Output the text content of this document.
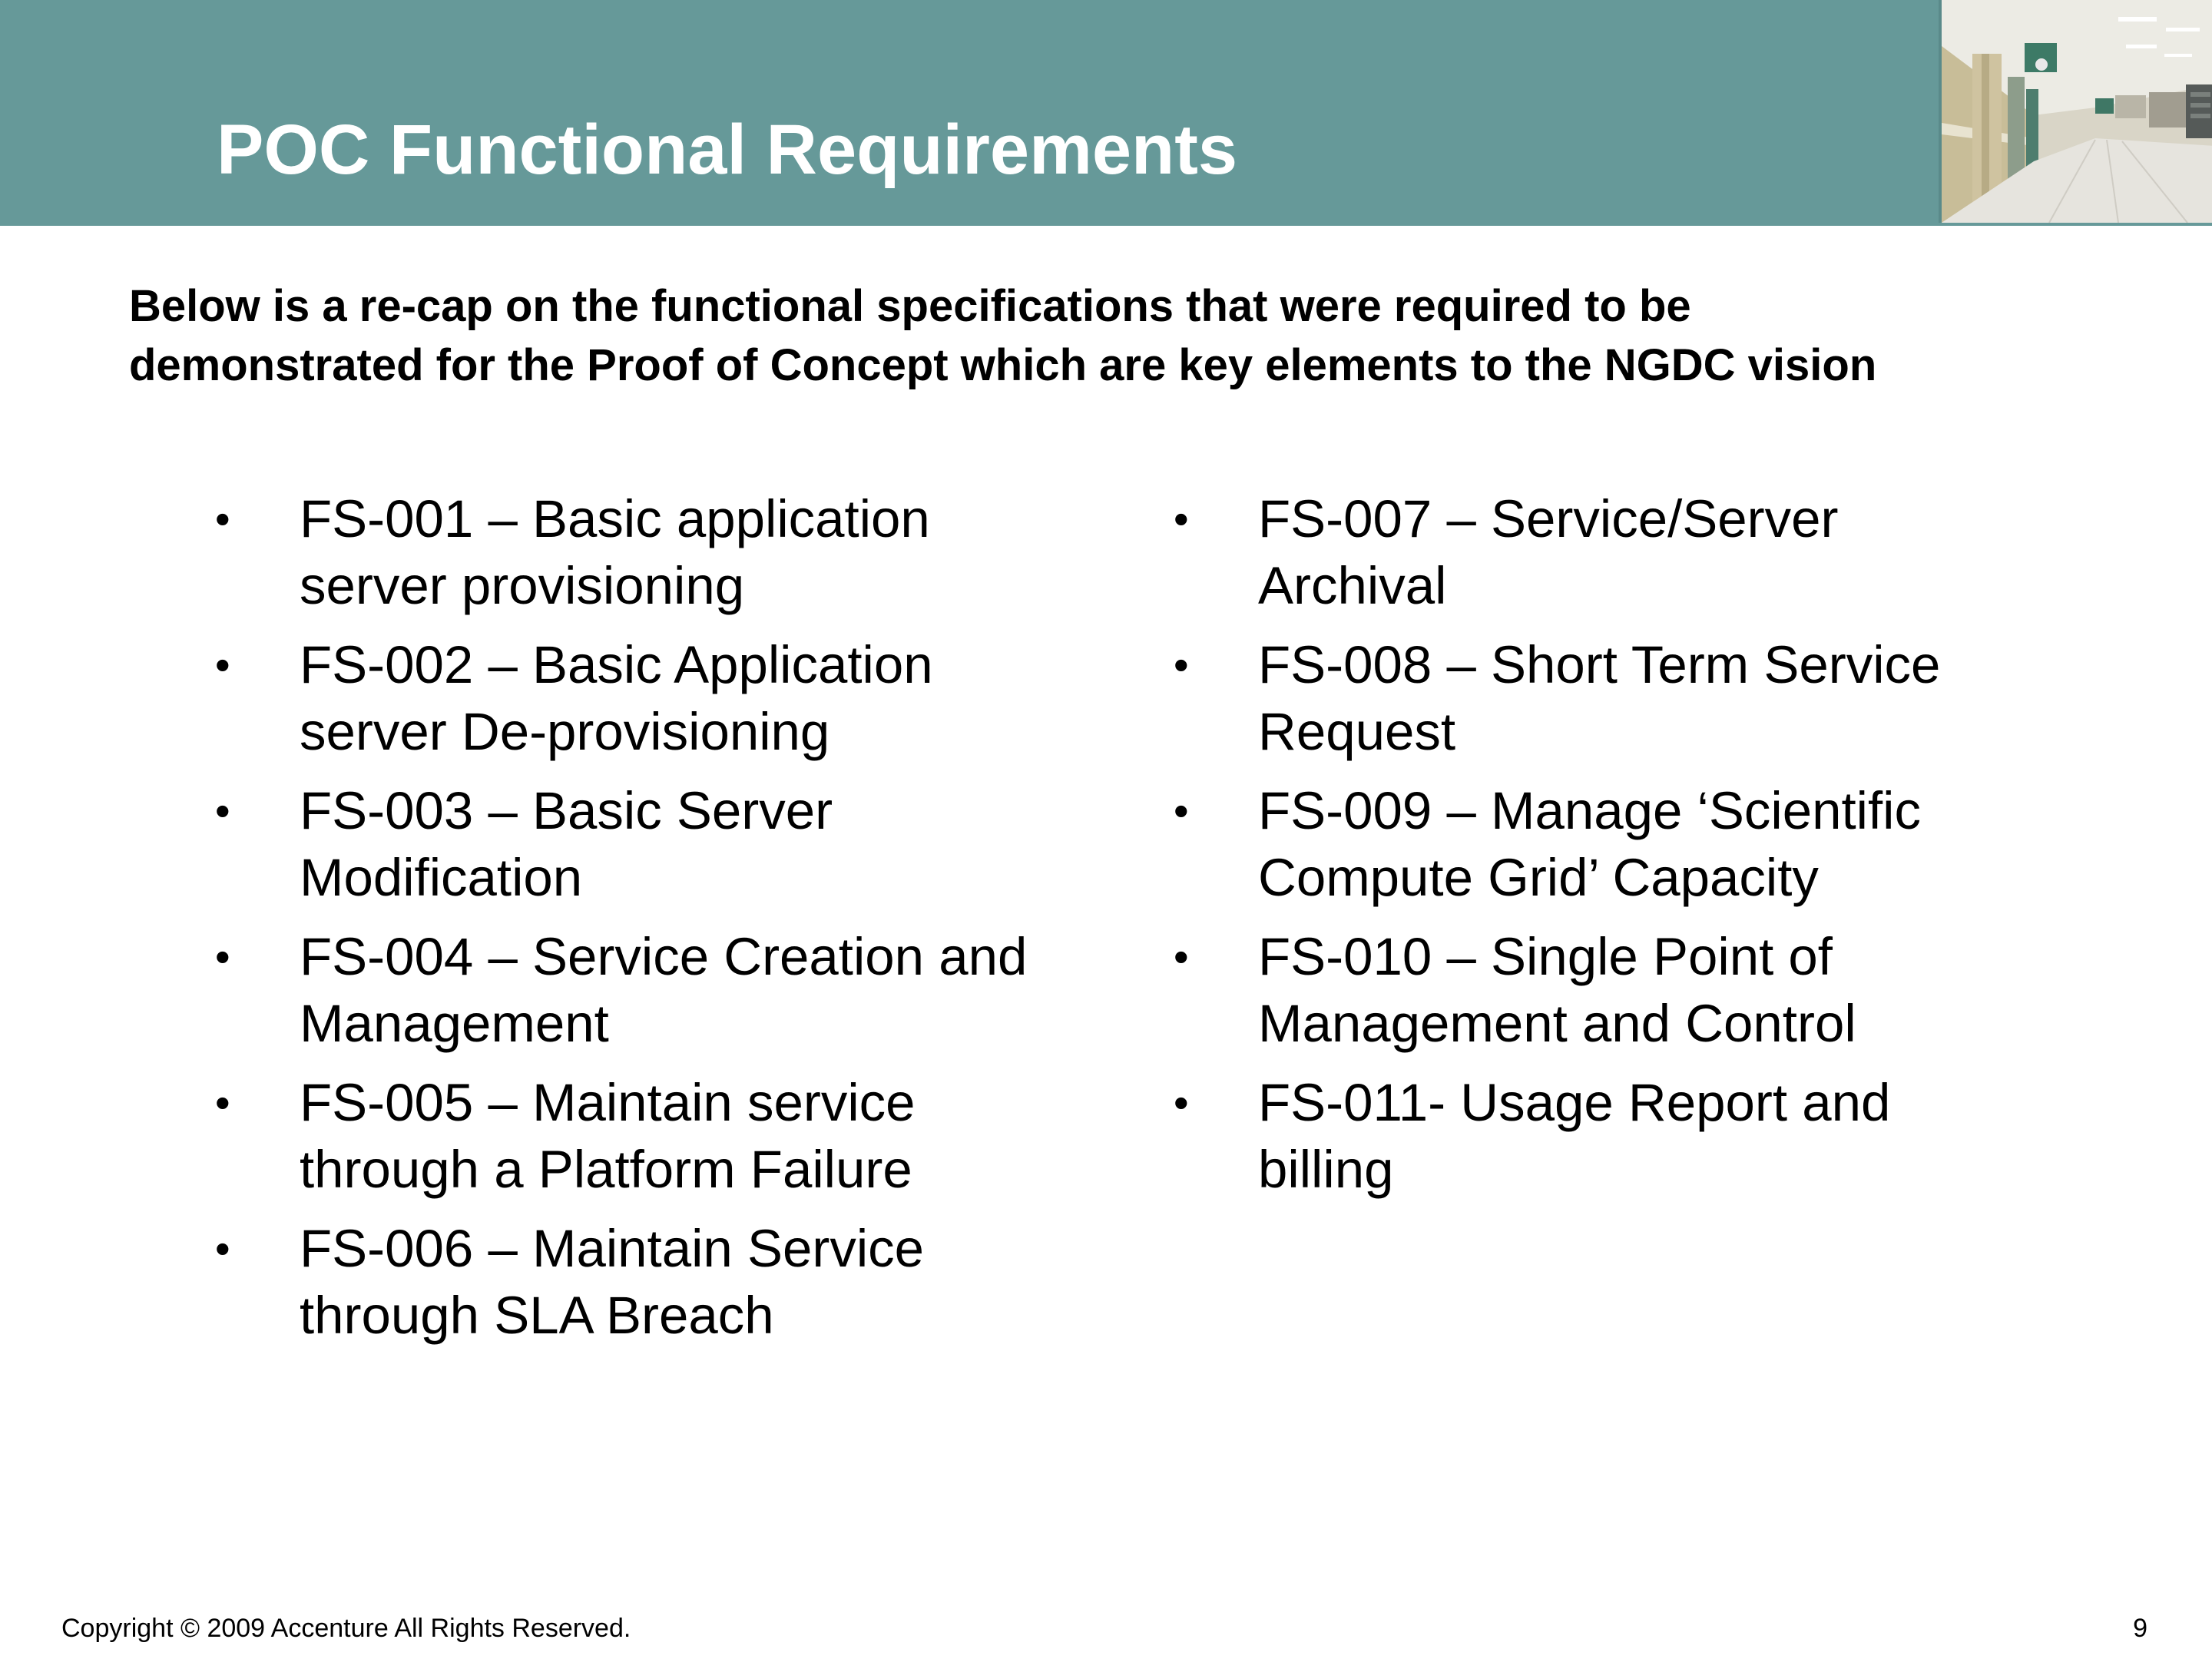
POC Functional Requirements

Below is a re-cap on the functional specifications that were required to be
demonstrated for the Proof of Concept which are key elements to the NGDC vision

• FS-001 – Basic application
server provisioning
• FS-002 – Basic Application
server De-provisioning
• FS-003 – Basic Server
Modification
• FS-004 – Service Creation and
Management
• FS-005 – Maintain service
through a Platform Failure
• FS-006 – Maintain Service
through SLA Breach
• FS-007 – Service/Server
Archival
• FS-008 – Short Term Service
Request
• FS-009 – Manage ‘Scientific
Compute Grid’ Capacity
• FS-010 – Single Point of
Management and Control
• FS-011- Usage Report and
billing
Copyright © 2009 Accenture All Rights Reserved.	9
